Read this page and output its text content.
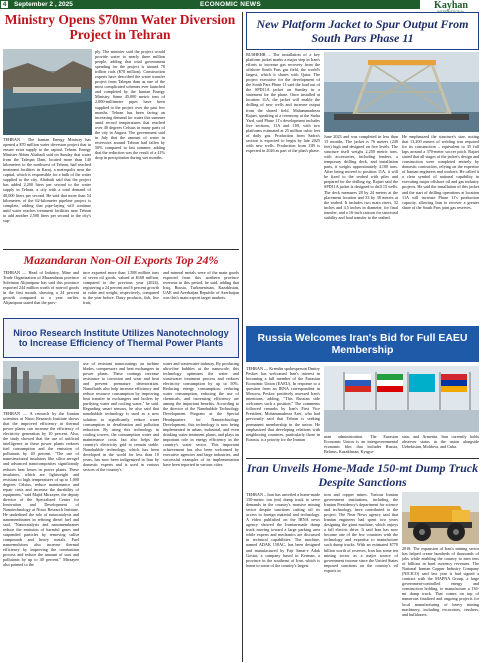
4	September 2 , 2025	ECONOMIC NEWS	Kayhan
INTERNATIONAL
Ministry Opens $70mn Water Diversion Project in Tehran
TEHRAN - The Iranian Energy Ministry has opened a $70 million water diversion project that to ensure extra supply to the capital, Tehran. Energy Minister Abbas Aliabadi said on Sunday that water from the Taleqan Dam, located more than 140 kilometers to the northwest of Tehran, had reached treatment facilities in Karaj, a metropolis near the capital, which is responsible for a bulk of the water supplied to the city. Aliabadi said that the project has added 2,200 liters per second to the water supply in Tehran, a city with a total demand of 40,000 liters per second. He said that more than 54 kilometers of the 62-kilometer pipeline project is complete, adding that pipe-laying will continue until water reaches treatment facilities near Tehran to add another 2,500 liters per second to the city's sup-
ply. The minister said the project would provide water to nearly three million people, adding that total government spending for the project is around 70 trillion rials ($70 million). Construction experts have described the water transfer project from Taleqan dam as one of the most complicated schemes ever launched and completed by the Iranian Energy Ministry. Some 45,000 metric tons of 2,000-millimeter pipes have been supplied to the project over the past few months. Tehran has been facing an increasing demand for water this summer amid record temperatures that reached over 40 degrees Celsius in many parts of the city in August. The government said in July that the amount of water in reservoirs around Tehran had fallen by 50% compared to last summer, adding that the reduction was the result of a 41% drop in precipitation during wet months.
Mazandaran Non-Oil Exports Top 24%
TEHRAN — Head of Industry, Mine and Trade Organization of Mazandaran province Soleiman Alijanipour has said this province exported 244 million worth of non-oil goods in the first month, showing a 24 percent growth compared to a year earlier. Alijanipour stated that the prov-
ince exported more than 1,588 million tons of seven oil goods, valued at $168 million, compared to the previous year (2024), registering a 24 percent and 6 percent growth in value and weight, respectively, compared to the year before. Dairy products, fish, live fruit,
and mineral metals were of the main goods exported from this northern province overseas in this period, he said, adding that Iraq, Russia, Turkmenistan, Kazakhstan, UAE and Azerbaijan Republic of Azerbaijan was this's main export target markets.
Niroo Research Institute Utilizes Nanotechnology to Increase Efficiency of Thermal Power Plants
TEHRAN — A research by the Iranian scientists at Niroo Research Institute shows that the improved efficiency in thermal power plants can increase the efficiency of electricity generation by 10 percent. Also, the study showed that the use of artificial intelligence in these power plants reduces fuel consumption and the emission of pollutants by 40 percent. "The use of nanostructured insulators like silica aerogel and advanced nanocomposites significantly reduces heat losses in power plants. These insulators, which are lightweight and resistant to high temperatures of up to 1,000 degrees Celsius, reduce maintenance and repair costs and increase the durability of equipment," said Majid Mirzayee, the deputy director of the Specialized Center for Innovation and Development of Nanotechnology at Niroo Research Institute. He underlined the role of nanocatalysts and nanomembranes in refining diesel fuel and said, "Nanocatalysts and nanomembranes reduce the emission of harmful gases and suspended particles by removing sulfur compounds and heavy metals. Fuel nanoemulsions also increase thermal efficiency by improving the combustion process and reduce the amount of soot and pollutants by up to 40 percent." Mirzayee also pointed to the
use of resistant nanocoatings on turbine blades, compressors and heat exchangers in power plants. These coatings increase resistance to corrosion and wear and heat and prevent premature deterioration. Nanofluids also help increase efficiency and reduce resource consumption by improving heat transfer in exchangers and boilers by purifying water and cooling water," he said. Regarding smart sensors, he also said that nanobubble technology is used as a new solution to significantly reduce water consumption in desalination and pollution reduction. By using this technology in cooling towers, the consumption water and maintenance costs, but also helps the country's electricity grid to remain stable. Nanobubble technology, which has been developed in the world for less than 10 years, has now been indigenized in Iran by domestic experts and is used in various sectors of the country's
water and wastewater industry. By producing ultra-fine bubbles at the nanoscale, this technology optimizes the water and wastewater treatment process and reduces electricity consumption by up to 50%. Reducing energy consumption, reducing water consumption, reducing the use of chemicals, and increasing efficiency are among the important benefits. According to the director of the Nanobubble Technology Development Program at the Special Headquarters for Nanotechnology Development, this technology is now being implemented in urban, industrial, and even drinking water treatment plants, and plays an important role in energy efficiency in the country's water sector. This important achievement has also been welcomed by executive agencies and large industries, and successful examples of its implementation have been reported in various cities.
New Platform Jacket to Spur Output From South Pars Phase 11
BUSHEHR – The installation of a key platform jacket marks a major step in Iran's efforts to increase gas recovery from the offshore South Pars gas field, the world's largest, which it shares with Qatar. The project executive for the development of the South Pars Phase 11 said the load out of the SPD11A jacket on Sunday in a statement for the phase. Once installed at location 11A, the jacket will enable the drilling of new wells and increase output from the shared field. Mahammadreza Rajaei, speaking at a ceremony at the Sadra Yard, said Phase 11's development includes five sections, 11A and 11B, with two platforms estimated at 25 million cubic feet of daily gas. Production from Sadra's section is expected to begin by late 2025 with new wells. Production from 11B is expected in 2026 as part of the plan's phase.
June 2023 and was completed in less than 15 months. The jacket is 76 meters (249 feet) high and designed on five levels. The structure itself weighs 2,250 metric tons, with accessories, including fenders, a temporary drilling deck, and installation parts, it weighs approximately 4,100 tons. After being moved to position 11A, it will be fixed to the seabed with piles and prepared for the drilling rig. Rajaei said the SPD11A jacket is designed to drill 15 wells. The deck measures 28 by 24 meters at the placement location and 33 by 38 meters at the seabed. It includes two main risers, 32 inches and 4.5 inches in diameter, for final transfer, and a 16-inch caisson for structural stability and load transfer to the seabed.
He emphasized the structure's size, noting that 13,200 meters of welding was required for its construction – equivalent to 35 full laps around a 370-meter soccer pitch. Rajaei stated that all stages of the jacket's design and construction were completed entirely by domestic contractors, relying on the expertise of Iranian engineers and workers. He called it a clear symbol of national capability in executing major offshore oil and gas industry projects. He said the installation of this jacket and the start of drilling operations at location 11A will increase Phase 11's production capacity, allowing Iran to recover a greater share of the South Pars joint gas reserves.
Russia Welcomes Iran's Bid for Full EAEU Membership
TEHRAN — Kremlin spokesperson Dmitry Peskov has welcomed Iran's interest in becoming a full member of the Eurasian Economic Union (EAEU). In response to a question from an IRNA correspondent in Moscow, Peskov positively assessed Iran's intentions, adding, "This Russian side welcomes such a position." The comments followed remarks by Iran's First Vice President, Mohammadreza Aref, who had previously said that Tehran is seeking permanent membership in the union. He emphasized that developing relations with neighboring countries, particularly those in Eurasia, is a priority for the Iranian
nian administration. The Eurasian Economic Union is an intergovernmental economic bloc that includes Russia, Belarus, Kazakhstan, Kyrgyz-
stan, and Armenia. Iran currently holds observer status in the union alongside Uzbekistan, Moldova, and Cuba.
Iran Unveils Home-Made 150-mt Dump Truck Despite Sanctions
TEHRAN – Iran has unveiled a home-made 150-metric ton (mt) dump truck to serve demands in the country's massive mining sector despite sanctions cutting off its access to foreign material and technology. A video published on the IRNA news agency showed the Iranian-made dump truck moving toward a large parking area while experts and mechanics are discussed in technical capabilities. The machine, named ADAK 150AC, has been designed and manufactured by Fajr Sanat-e Adak Gostar, a company based in Kerman, a province in the southeast of Iran, which is home to some of the country's largest
iron and copper mines. Various Iranian government institutions, including the Iranian Presidency's department for science and technology, have contributed to the project. The Near News agency said that Iranian engineers had spent two years designing the giant machine, which enjoys a full electric drive. It said Iran has now become one of the few countries with the technology and expertise to manufacture such dump trucks. With an estimated $770 billion worth of reserves, Iran has some ten mining sector as a major source of government income since the United States imposed sanctions on the country's oil exports in
2018. The expansion of Iran's mining sector has helped create hundreds of thousands of jobs while enabling the country to earn tens of billions in hard currency revenues. The National Iranian Copper Industry Company (NICICO) said last year it had signed a contract with the MAPNA Group, a large government-controlled energy and construction holding, to manufacture a 136-mt dump truck. That comes on top of numerous finalized and ongoing projects for local manufacturing of heavy mining machinery, including excavators, crushers, and bulldozers.
